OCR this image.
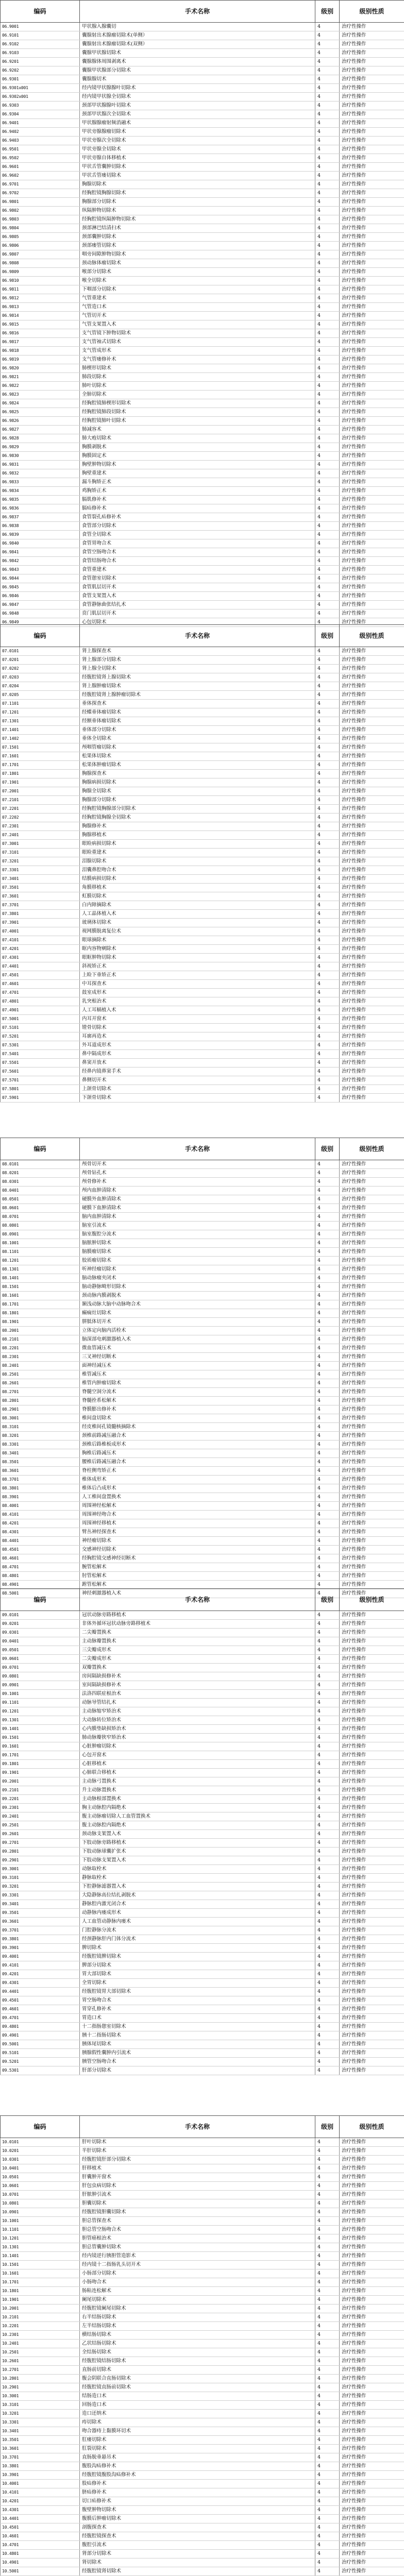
编码	手术名称	级别	级别性质
06.9001	甲状腺入腺囊切	4	治疗性操作
06.9101	囊腺射出术腺瘤切除术(单侧）	4	治疗性操作
06.9102	囊腺射出术腺瘤切除术(双侧）	4	治疗性操作
06.9103	囊腺甲状腺切除术	4	治疗性操作
06.9201	囊腺腺体周围剥离术	4	治疗性操作
06.9202	囊腺甲状腺部分切除术	4	治疗性操作
06.9301	囊腺腺切术	4	治疗性操作
06.9301x001	经内镜甲状腺腺叶切除术	4	治疗性操作
06.9302x001	经内镜甲状腺全切除术	4	治疗性操作
06.9303	颈部甲状腺腺叶切除术	4	治疗性操作
06.9304	颈部甲状腺次全切除术	4	治疗性操作
06.9401	甲状腺腺瘤射频消融术	4	治疗性操作
06.9402	甲状旁腺腺瘤切除术	4	治疗性操作
06.9403	甲状旁腺次全切除术	4	治疗性操作
06.9501	甲状旁腺全切除术	4	治疗性操作
06.9502	甲状旁腺自体移植术	4	治疗性操作
06.9601	甲状舌管囊肿切除术	4	治疗性操作
06.9602	甲状舌管瘘切除术	4	治疗性操作
06.9701	胸腺切除术	4	治疗性操作
06.9702	经胸腔镜胸腺切除术	4	治疗性操作
06.9801	胸腺部分切除术	4	治疗性操作
06.9802	纵隔肿物切除术	4	治疗性操作
06.9803	经胸腔镜纵隔肿物切除术	4	治疗性操作
06.9804	颈部淋巴结清扫术	4	治疗性操作
06.9805	颈部囊肿切除术	4	治疗性操作
06.9806	颈部瘘管切除术	4	治疗性操作
06.9807	咽旁间隙肿物切除术	4	治疗性操作
06.9808	颈动脉体瘤切除术	4	治疗性操作
06.9809	喉部分切除术	4	治疗性操作
06.9810	喉全切除术	4	治疗性操作
06.9811	下咽部分切除术	4	治疗性操作
06.9812	气管重建术	4	治疗性操作
06.9813	气管造口术	4	治疗性操作
06.9814	气管切开术	4	治疗性操作
06.9815	气管支架置入术	4	治疗性操作
06.9816	支气管镜下肿物切除术	4	治疗性操作
06.9817	支气管袖式切除术	4	治疗性操作
06.9818	支气管成形术	4	治疗性操作
06.9819	支气管瘘修补术	4	治疗性操作
06.9820	肺楔形切除术	4	治疗性操作
06.9821	肺段切除术	4	治疗性操作
06.9822	肺叶切除术	4	治疗性操作
06.9823	全肺切除术	4	治疗性操作
06.9824	经胸腔镜肺楔形切除术	4	治疗性操作
06.9825	经胸腔镜肺段切除术	4	治疗性操作
06.9826	经胸腔镜肺叶切除术	4	治疗性操作
06.9827	肺减容术	4	治疗性操作
06.9828	肺大疱切除术	4	治疗性操作
06.9829	胸膜剥脱术	4	治疗性操作
06.9830	胸膜固定术	4	治疗性操作
06.9831	胸壁肿物切除术	4	治疗性操作
06.9832	胸壁重建术	4	治疗性操作
06.9833	漏斗胸矫正术	4	治疗性操作
06.9834	鸡胸矫正术	4	治疗性操作
06.9835	膈肌修补术	4	治疗性操作
06.9836	膈疝修补术	4	治疗性操作
06.9837	食管裂孔疝修补术	4	治疗性操作
06.9838	食管部分切除术	4	治疗性操作
06.9839	食管全切除术	4	治疗性操作
06.9840	食管胃吻合术	4	治疗性操作
06.9841	食管空肠吻合术	4	治疗性操作
06.9842	食管结肠吻合术	4	治疗性操作
06.9843	食管重建术	4	治疗性操作
06.9844	食管憩室切除术	4	治疗性操作
06.9845	食管肌层切开术	4	治疗性操作
06.9846	食管支架置入术	4	治疗性操作
06.9847	食管静脉曲张结扎术	4	治疗性操作
06.9848	贲门肌层切开术	4	治疗性操作
06.9849	心包切除术	4	治疗性操作
编码	手术名称	级别	级别性质
07.0101	肾上腺探查术	4	治疗性操作
07.0201	肾上腺部分切除术	4	治疗性操作
07.0202	肾上腺全切除术	4	治疗性操作
07.0203	经腹腔镜肾上腺切除术	4	治疗性操作
07.0204	肾上腺肿瘤切除术	4	治疗性操作
07.0205	经腹腔镜肾上腺肿瘤切除术	4	治疗性操作
07.1101	垂体探查术	4	治疗性操作
07.1201	经蝶垂体瘤切除术	4	治疗性操作
07.1301	经额垂体瘤切除术	4	治疗性操作
07.1401	垂体部分切除术	4	治疗性操作
07.1402	垂体全切除术	4	治疗性操作
07.1501	颅咽管瘤切除术	4	治疗性操作
07.1601	松果体切除术	4	治疗性操作
07.1701	松果体肿瘤切除术	4	治疗性操作
07.1801	胸腺探查术	4	治疗性操作
07.1901	胸腺病损切除术	4	治疗性操作
07.2001	胸腺全切除术	4	治疗性操作
07.2101	胸腺部分切除术	4	治疗性操作
07.2201	经胸腔镜胸腺部分切除术	4	治疗性操作
07.2202	经胸腔镜胸腺全切除术	4	治疗性操作
07.2301	胸腺修补术	4	治疗性操作
07.2401	胸腺移植术	4	治疗性操作
07.3001	眼睑病损切除术	4	治疗性操作
07.3101	眼睑重建术	4	治疗性操作
07.3201	泪腺切除术	4	治疗性操作
07.3301	泪囊鼻腔吻合术	4	治疗性操作
07.3401	结膜病损切除术	4	治疗性操作
07.3501	角膜移植术	4	治疗性操作
07.3601	虹膜切除术	4	治疗性操作
07.3701	白内障摘除术	4	治疗性操作
07.3801	人工晶体植入术	4	治疗性操作
07.3901	玻璃体切除术	4	治疗性操作
07.4001	视网膜脱离复位术	4	治疗性操作
07.4101	眼球摘除术	4	治疗性操作
07.4201	眶内容物剜除术	4	治疗性操作
07.4301	眼眶肿物切除术	4	治疗性操作
07.4401	斜视矫正术	4	治疗性操作
07.4501	上睑下垂矫正术	4	治疗性操作
07.4601	中耳探查术	4	治疗性操作
07.4701	鼓室成形术	4	治疗性操作
07.4801	乳突根治术	4	治疗性操作
07.4901	人工耳蜗植入术	4	治疗性操作
07.5001	内耳开窗术	4	治疗性操作
07.5101	镫骨切除术	4	治疗性操作
07.5201	耳廓再造术	4	治疗性操作
07.5301	外耳道成形术	4	治疗性操作
07.5401	鼻中隔成形术	4	治疗性操作
07.5501	鼻窦开放术	4	治疗性操作
07.5601	经鼻内镜鼻窦手术	4	治疗性操作
07.5701	鼻侧切开术	4	治疗性操作
07.5801	上颌骨切除术	4	治疗性操作
07.5901	下颌骨切除术	4	治疗性操作
编码	手术名称	级别	级别性质
08.0101	颅骨切开术	4	治疗性操作
08.0201	颅骨钻孔术	4	治疗性操作
08.0301	颅骨修补术	4	治疗性操作
08.0401	颅内血肿清除术	4	治疗性操作
08.0501	硬膜外血肿清除术	4	治疗性操作
08.0601	硬膜下血肿清除术	4	治疗性操作
08.0701	脑内血肿清除术	4	治疗性操作
08.0801	脑室引流术	4	治疗性操作
08.0901	脑室腹腔分流术	4	治疗性操作
08.1001	脑脓肿切除术	4	治疗性操作
08.1101	脑膜瘤切除术	4	治疗性操作
08.1201	胶质瘤切除术	4	治疗性操作
08.1301	听神经瘤切除术	4	治疗性操作
08.1401	脑动脉瘤夹闭术	4	治疗性操作
08.1501	脑动静脉畸形切除术	4	治疗性操作
08.1601	颈动脉内膜剥脱术	4	治疗性操作
08.1701	颞浅动脉大脑中动脉吻合术	4	治疗性操作
08.1801	癫痫灶切除术	4	治疗性操作
08.1901	胼胝体切开术	4	治疗性操作
08.2001	立体定向脑内活检术	4	治疗性操作
08.2101	脑深部电刺激器植入术	4	治疗性操作
08.2201	微血管减压术	4	治疗性操作
08.2301	三叉神经切断术	4	治疗性操作
08.2401	面神经减压术	4	治疗性操作
08.2501	椎管减压术	4	治疗性操作
08.2601	椎管内肿瘤切除术	4	治疗性操作
08.2701	脊髓空洞分流术	4	治疗性操作
08.2801	脊髓拴系松解术	4	治疗性操作
08.2901	脊膜膨出修补术	4	治疗性操作
08.3001	椎间盘切除术	4	治疗性操作
08.3101	经皮椎间孔镜髓核摘除术	4	治疗性操作
08.3201	颈椎前路减压融合术	4	治疗性操作
08.3301	颈椎后路椎板成形术	4	治疗性操作
08.3401	胸椎后路减压术	4	治疗性操作
08.3501	腰椎后路减压融合术	4	治疗性操作
08.3601	脊柱侧弯矫正术	4	治疗性操作
08.3701	椎体成形术	4	治疗性操作
08.3801	椎体后凸成形术	4	治疗性操作
08.3901	人工椎间盘置换术	4	治疗性操作
08.4001	周围神经松解术	4	治疗性操作
08.4101	周围神经吻合术	4	治疗性操作
08.4201	周围神经移植术	4	治疗性操作
08.4301	臂丛神经探查术	4	治疗性操作
08.4401	神经瘤切除术	4	治疗性操作
08.4501	交感神经切除术	4	治疗性操作
08.4601	经胸腔镜交感神经切断术	4	治疗性操作
08.4701	腕管松解术	4	治疗性操作
08.4801	肘管松解术	4	治疗性操作
08.4901	跗管松解术	4	治疗性操作
08.5001	神经刺激器植入术	4	治疗性操作
编码	手术名称	级别	级别性质
09.0101	冠状动脉旁路移植术	4	治疗性操作
09.0201	非体外循环冠状动脉旁路移植术	4	治疗性操作
09.0301	二尖瓣置换术	4	治疗性操作
09.0401	主动脉瓣置换术	4	治疗性操作
09.0501	三尖瓣成形术	4	治疗性操作
09.0601	二尖瓣成形术	4	治疗性操作
09.0701	双瓣置换术	4	治疗性操作
09.0801	房间隔缺损修补术	4	治疗性操作
09.0901	室间隔缺损修补术	4	治疗性操作
09.1001	法洛四联症根治术	4	治疗性操作
09.1101	动脉导管结扎术	4	治疗性操作
09.1201	主动脉缩窄矫治术	4	治疗性操作
09.1301	大动脉转位矫治术	4	治疗性操作
09.1401	心内膜垫缺损矫治术	4	治疗性操作
09.1501	肺动脉瓣狭窄矫治术	4	治疗性操作
09.1601	心脏肿瘤切除术	4	治疗性操作
09.1701	心包开窗术	4	治疗性操作
09.1801	心脏移植术	4	治疗性操作
09.1901	心肺联合移植术	4	治疗性操作
09.2001	主动脉弓置换术	4	治疗性操作
09.2101	升主动脉置换术	4	治疗性操作
09.2201	主动脉根部置换术	4	治疗性操作
09.2301	胸主动脉腔内隔绝术	4	治疗性操作
09.2401	腹主动脉瘤切除人工血管置换术	4	治疗性操作
09.2501	腹主动脉腔内隔绝术	4	治疗性操作
09.2601	颈动脉支架置入术	4	治疗性操作
09.2701	下肢动脉旁路移植术	4	治疗性操作
09.2801	下肢动脉球囊扩张术	4	治疗性操作
09.2901	下肢动脉支架置入术	4	治疗性操作
09.3001	动脉取栓术	4	治疗性操作
09.3101	静脉取栓术	4	治疗性操作
09.3201	下腔静脉滤器置入术	4	治疗性操作
09.3301	大隐静脉高位结扎剥脱术	4	治疗性操作
09.3401	静脉腔内激光闭合术	4	治疗性操作
09.3501	动静脉内瘘成形术	4	治疗性操作
09.3601	人工血管动静脉内瘘术	4	治疗性操作
09.3701	门腔静脉分流术	4	治疗性操作
09.3801	经颈静脉肝内门体分流术	4	治疗性操作
09.3901	脾切除术	4	治疗性操作
09.4001	经腹腔镜脾切除术	4	治疗性操作
09.4101	脾部分切除术	4	治疗性操作
09.4201	胃大部切除术	4	治疗性操作
09.4301	全胃切除术	4	治疗性操作
09.4401	经腹腔镜胃大部切除术	4	治疗性操作
09.4501	胃空肠吻合术	4	治疗性操作
09.4601	胃穿孔修补术	4	治疗性操作
09.4701	胃造口术	4	治疗性操作
09.4801	十二指肠憩室切除术	4	治疗性操作
09.4901	胰十二指肠切除术	4	治疗性操作
09.5001	胰体尾切除术	4	治疗性操作
09.5101	胰腺假性囊肿内引流术	4	治疗性操作
09.5201	胰管空肠吻合术	4	治疗性操作
09.5301	肝部分切除术	4	治疗性操作
编码	手术名称	级别	级别性质
10.0101	肝叶切除术	4	治疗性操作
10.0201	半肝切除术	4	治疗性操作
10.0301	经腹腔镜肝部分切除术	4	治疗性操作
10.0401	肝移植术	4	治疗性操作
10.0501	肝囊肿开窗术	4	治疗性操作
10.0601	肝包虫病切除术	4	治疗性操作
10.0701	肝脓肿引流术	4	治疗性操作
10.0801	胆囊切除术	4	治疗性操作
10.0901	经腹腔镜胆囊切除术	4	治疗性操作
10.1001	胆总管探查术	4	治疗性操作
10.1101	胆总管空肠吻合术	4	治疗性操作
10.1201	胆管癌根治术	4	治疗性操作
10.1301	胆总管囊肿切除术	4	治疗性操作
10.1401	经内镜逆行胰胆管造影术	4	治疗性操作
10.1501	经内镜十二指肠乳头切开术	4	治疗性操作
10.1601	小肠部分切除术	4	治疗性操作
10.1701	小肠吻合术	4	治疗性操作
10.1801	肠粘连松解术	4	治疗性操作
10.1901	阑尾切除术	4	治疗性操作
10.2001	经腹腔镜阑尾切除术	4	治疗性操作
10.2101	右半结肠切除术	4	治疗性操作
10.2201	左半结肠切除术	4	治疗性操作
10.2301	横结肠切除术	4	治疗性操作
10.2401	乙状结肠切除术	4	治疗性操作
10.2501	全结肠切除术	4	治疗性操作
10.2601	经腹腔镜结肠切除术	4	治疗性操作
10.2701	直肠前切除术	4	治疗性操作
10.2801	腹会阴联合直肠切除术	4	治疗性操作
10.2901	经腹腔镜直肠前切除术	4	治疗性操作
10.3001	结肠造口术	4	治疗性操作
10.3101	回肠造口术	4	治疗性操作
10.3201	造口还纳术	4	治疗性操作
10.3301	痔切除术	4	治疗性操作
10.3401	吻合器痔上黏膜环切术	4	治疗性操作
10.3501	肛瘘切除术	4	治疗性操作
10.3601	肛裂切除术	4	治疗性操作
10.3701	直肠脱垂悬吊术	4	治疗性操作
10.3801	腹股沟疝修补术	4	治疗性操作
10.3901	经腹腔镜腹股沟疝修补术	4	治疗性操作
10.4001	股疝修补术	4	治疗性操作
10.4101	脐疝修补术	4	治疗性操作
10.4201	切口疝修补术	4	治疗性操作
10.4301	腹壁肿物切除术	4	治疗性操作
10.4401	腹膜后肿瘤切除术	4	治疗性操作
10.4501	剖腹探查术	4	治疗性操作
10.4601	经腹腔镜探查术	4	治疗性操作
10.4701	腹腔引流术	4	治疗性操作
10.4801	肾部分切除术	4	治疗性操作
10.4901	肾切除术	4	治疗性操作
10.5001	经腹腔镜肾切除术	4	治疗性操作
